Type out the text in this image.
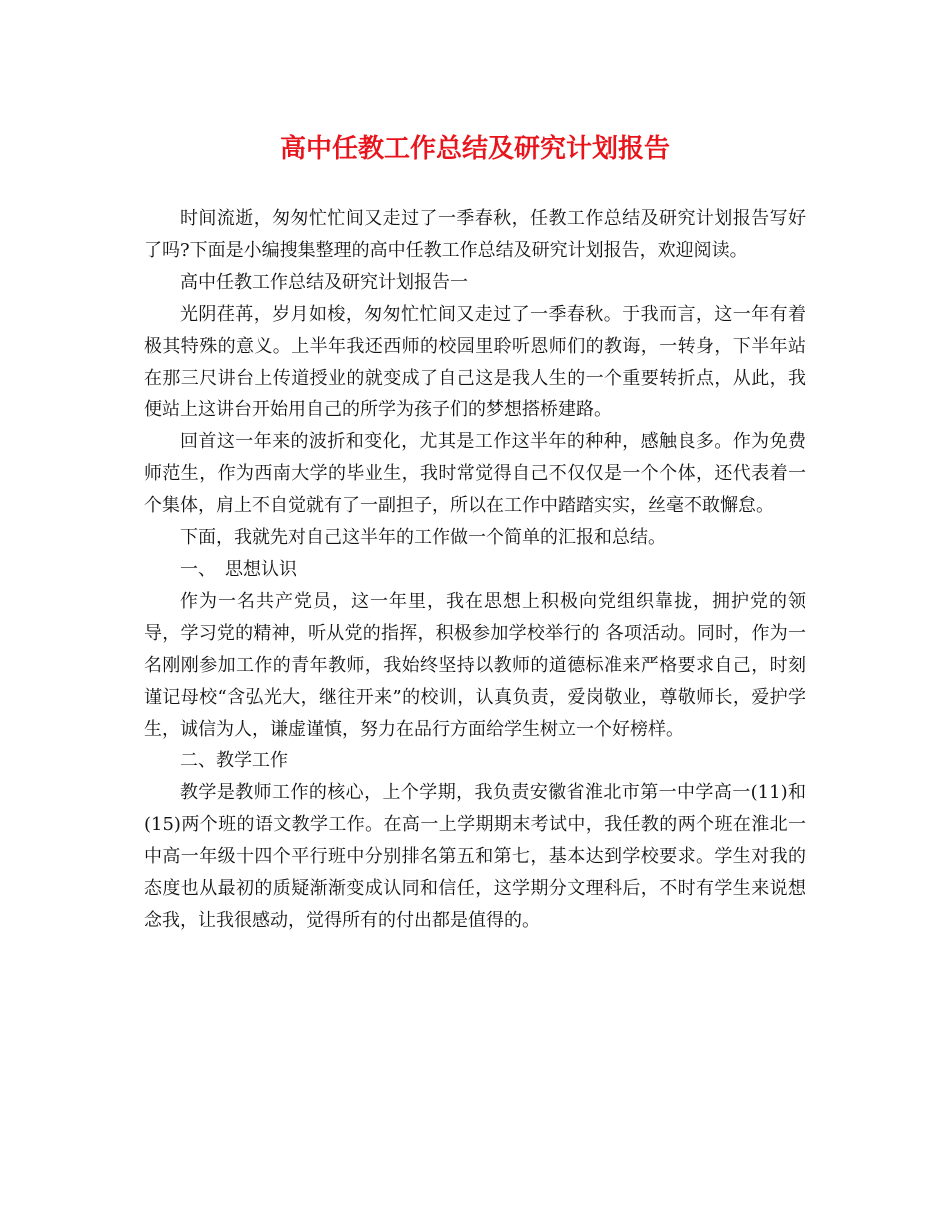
高中任教工作总结及研究计划报告

时间流逝，匆匆忙忙间又走过了一季春秋，任教工作总结及研究计划报告写好了吗?下面是小编搜集整理的高中任教工作总结及研究计划报告，欢迎阅读。

高中任教工作总结及研究计划报告一

光阴荏苒，岁月如梭，匆匆忙忙间又走过了一季春秋。于我而言，这一年有着极其特殊的意义。上半年我还西师的校园里聆听恩师们的教诲，一转身，下半年站在那三尺讲台上传道授业的就变成了自己这是我人生的一个重要转折点，从此，我便站上这讲台开始用自己的所学为孩子们的梦想搭桥建路。

回首这一年来的波折和变化，尤其是工作这半年的种种，感触良多。作为免费师范生，作为西南大学的毕业生，我时常觉得自己不仅仅是一个个体，还代表着一个集体，肩上不自觉就有了一副担子，所以在工作中踏踏实实，丝毫不敢懈怠。

下面，我就先对自己这半年的工作做一个简单的汇报和总结。

一、　思想认识

作为一名共产党员，这一年里，我在思想上积极向党组织靠拢，拥护党的领导，学习党的精神，听从党的指挥，积极参加学校举行的 各项活动。同时，作为一名刚刚参加工作的青年教师，我始终坚持以教师的道德标准来严格要求自己，时刻谨记母校“含弘光大，继往开来”的校训，认真负责，爱岗敬业，尊敬师长，爱护学生，诚信为人，谦虚谨慎，努力在品行方面给学生树立一个好榜样。

二、教学工作

教学是教师工作的核心，上个学期，我负责安徽省淮北市第一中学高一(11)和(15)两个班的语文教学工作。在高一上学期期末考试中，我任教的两个班在淮北一中高一年级十四个平行班中分别排名第五和第七，基本达到学校要求。学生对我的态度也从最初的质疑渐渐变成认同和信任，这学期分文理科后，不时有学生来说想念我，让我很感动，觉得所有的付出都是值得的。
